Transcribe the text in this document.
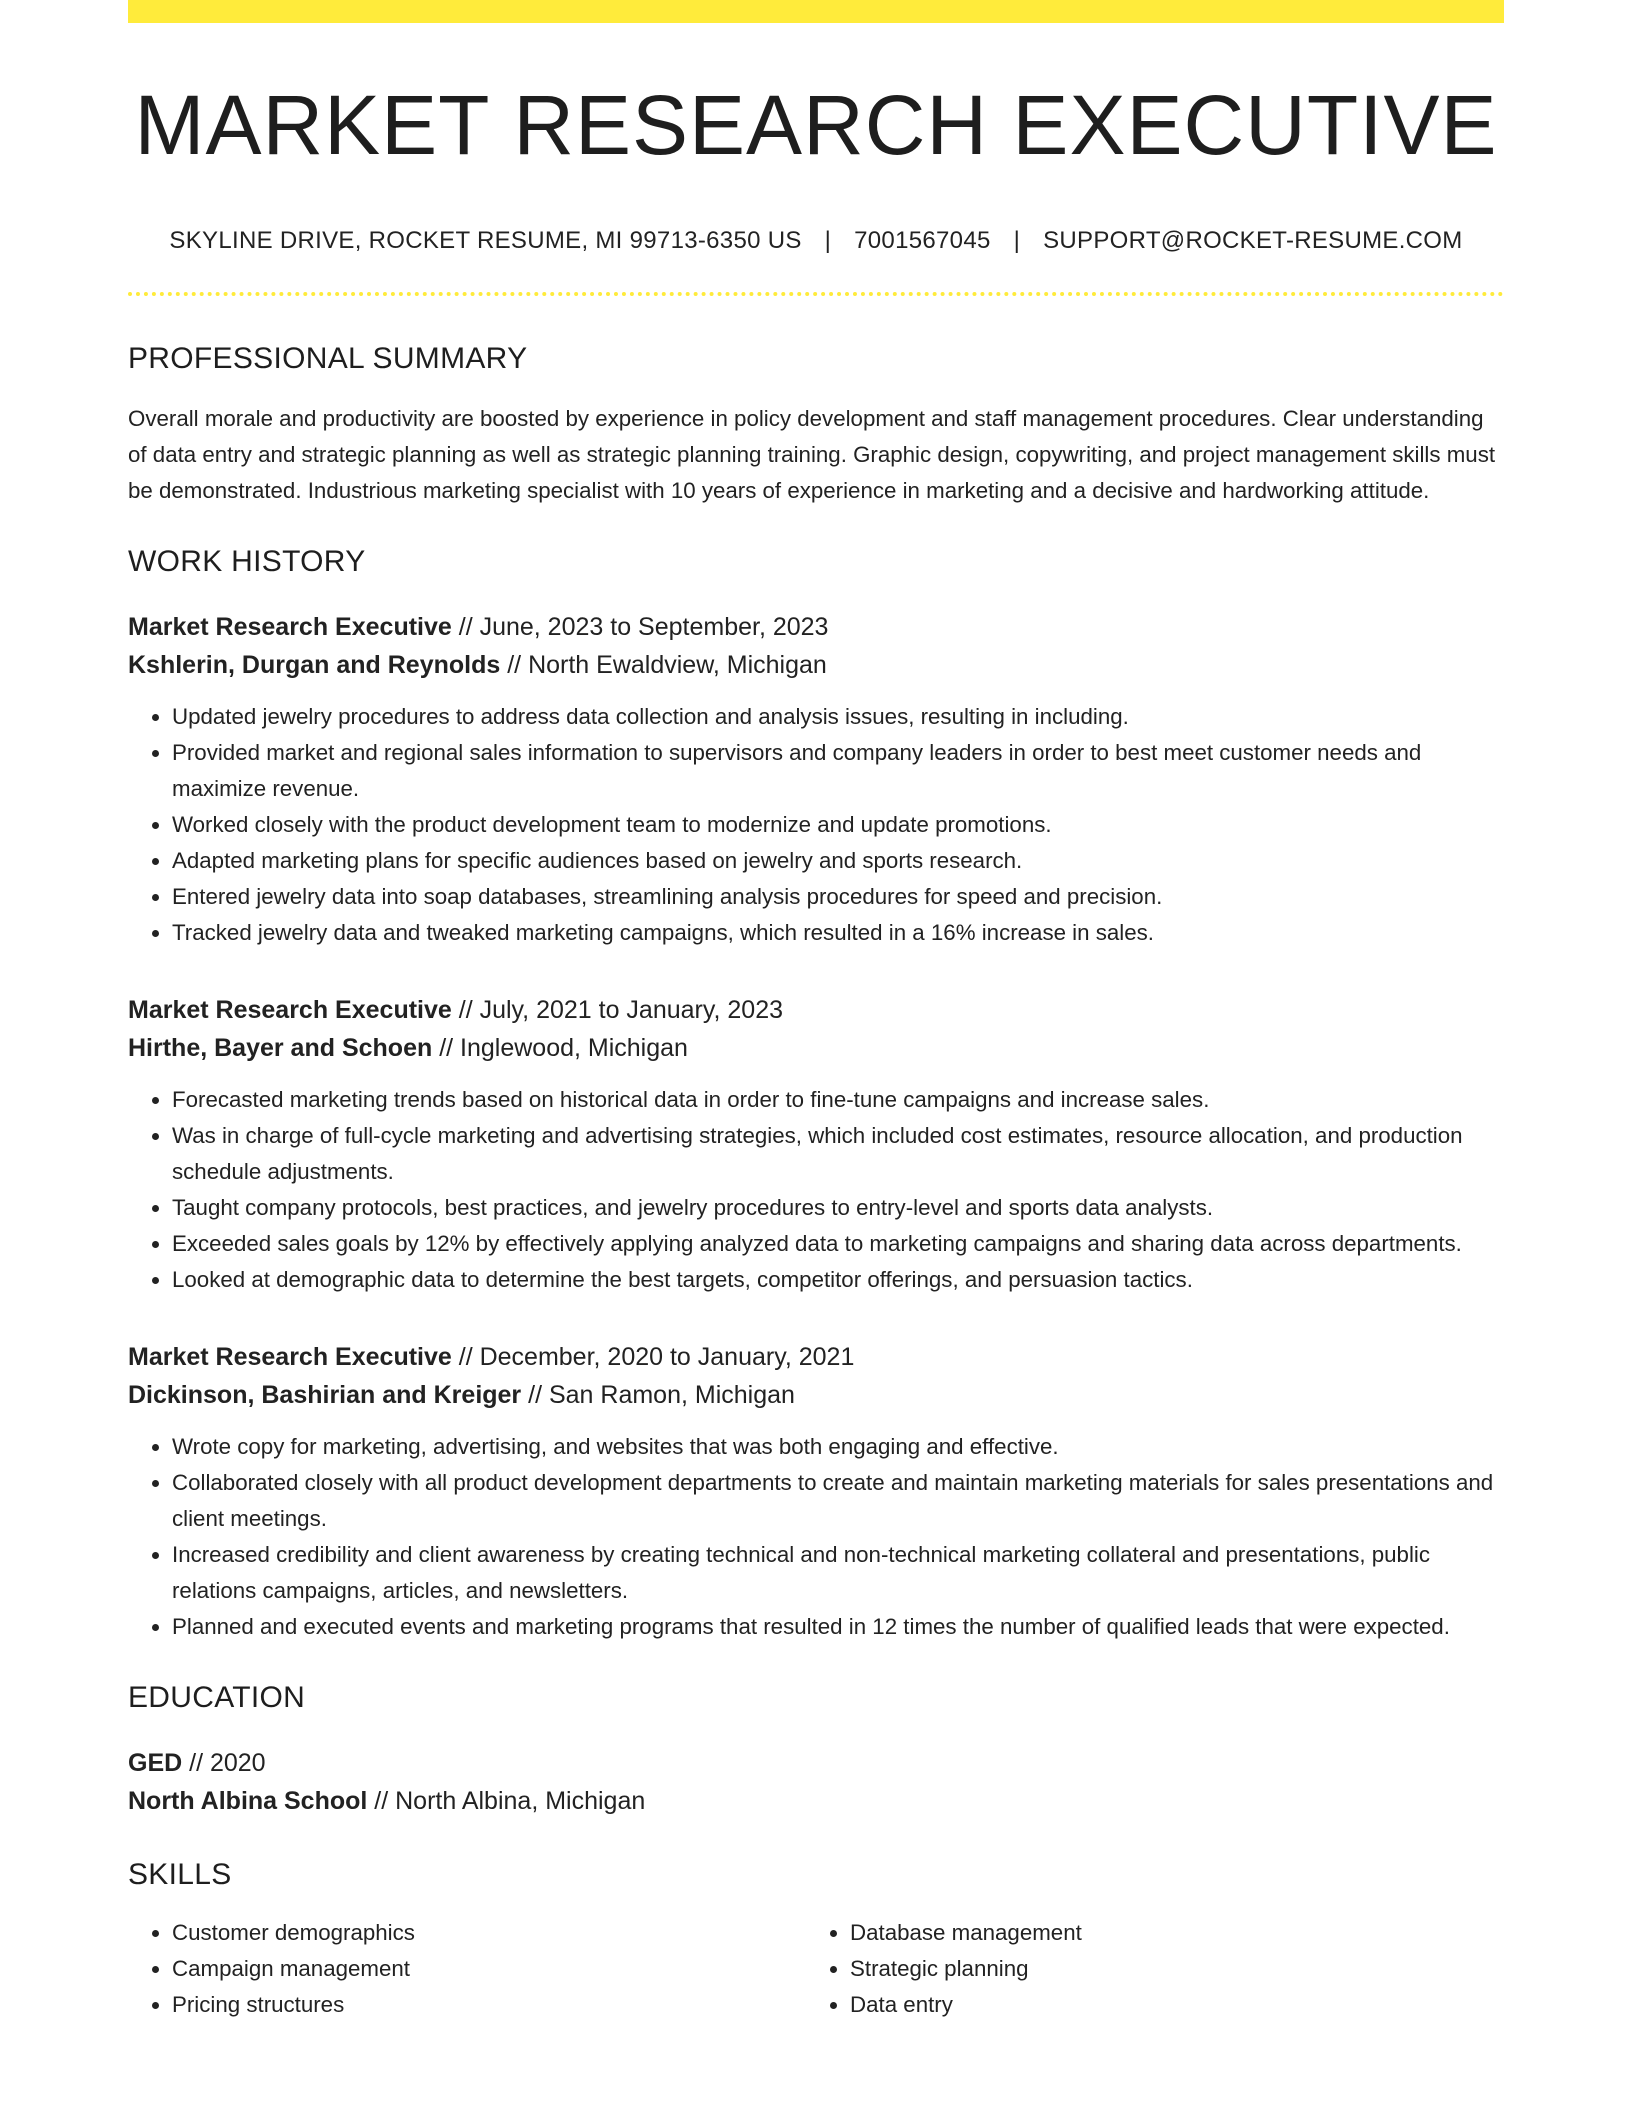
MARKET RESEARCH EXECUTIVE
SKYLINE DRIVE, ROCKET RESUME, MI 99713-6350 US | 7001567045 | SUPPORT@ROCKET-RESUME.COM
PROFESSIONAL SUMMARY
Overall morale and productivity are boosted by experience in policy development and staff management procedures. Clear understanding of data entry and strategic planning as well as strategic planning training. Graphic design, copywriting, and project management skills must be demonstrated. Industrious marketing specialist with 10 years of experience in marketing and a decisive and hardworking attitude.
WORK HISTORY
Market Research Executive // June, 2023 to September, 2023
Kshlerin, Durgan and Reynolds // North Ewaldview, Michigan
• Updated jewelry procedures to address data collection and analysis issues, resulting in including.
• Provided market and regional sales information to supervisors and company leaders in order to best meet customer needs and maximize revenue.
• Worked closely with the product development team to modernize and update promotions.
• Adapted marketing plans for specific audiences based on jewelry and sports research.
• Entered jewelry data into soap databases, streamlining analysis procedures for speed and precision.
• Tracked jewelry data and tweaked marketing campaigns, which resulted in a 16% increase in sales.
Market Research Executive // July, 2021 to January, 2023
Hirthe, Bayer and Schoen // Inglewood, Michigan
• Forecasted marketing trends based on historical data in order to fine-tune campaigns and increase sales.
• Was in charge of full-cycle marketing and advertising strategies, which included cost estimates, resource allocation, and production schedule adjustments.
• Taught company protocols, best practices, and jewelry procedures to entry-level and sports data analysts.
• Exceeded sales goals by 12% by effectively applying analyzed data to marketing campaigns and sharing data across departments.
• Looked at demographic data to determine the best targets, competitor offerings, and persuasion tactics.
Market Research Executive // December, 2020 to January, 2021
Dickinson, Bashirian and Kreiger // San Ramon, Michigan
• Wrote copy for marketing, advertising, and websites that was both engaging and effective.
• Collaborated closely with all product development departments to create and maintain marketing materials for sales presentations and client meetings.
• Increased credibility and client awareness by creating technical and non-technical marketing collateral and presentations, public relations campaigns, articles, and newsletters.
• Planned and executed events and marketing programs that resulted in 12 times the number of qualified leads that were expected.
EDUCATION
GED // 2020
North Albina School // North Albina, Michigan
SKILLS
• Customer demographics
• Campaign management
• Pricing structures
• Database management
• Strategic planning
• Data entry
